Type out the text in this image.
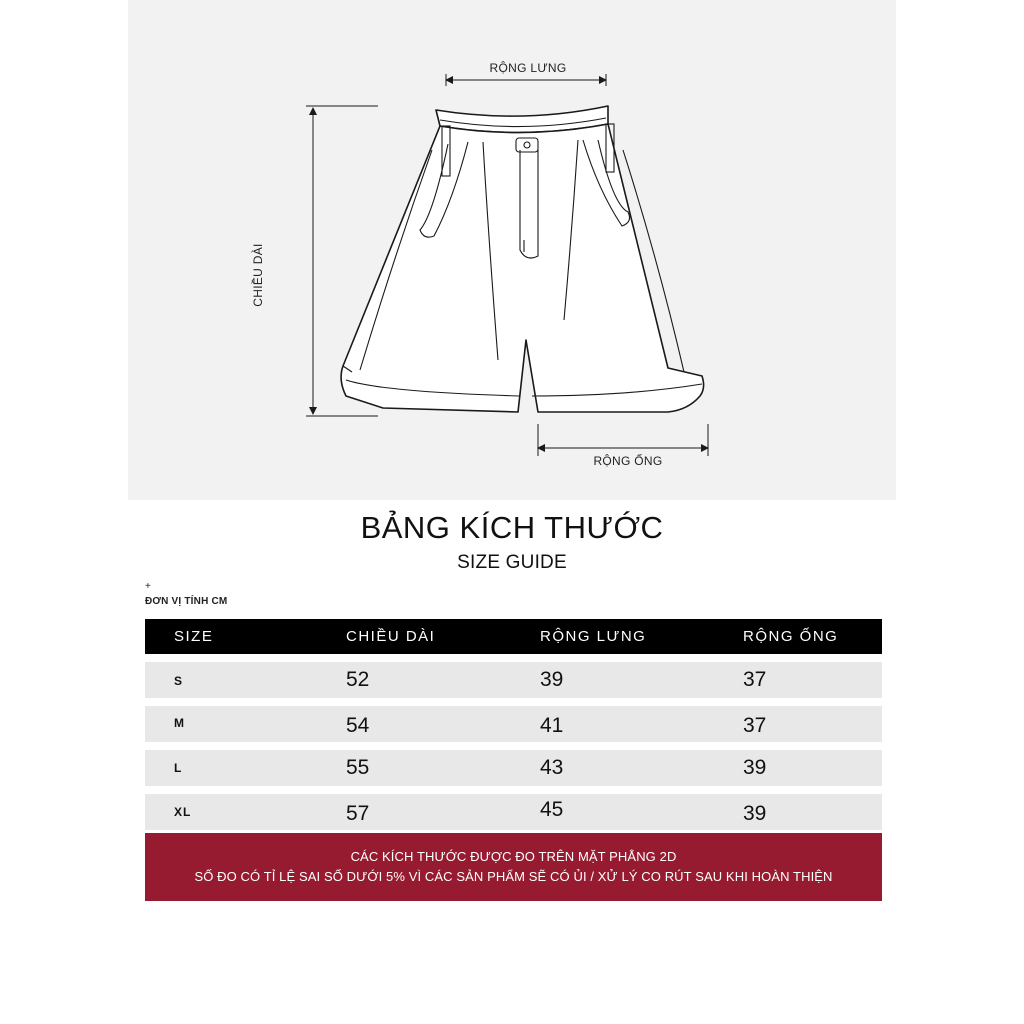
RỘNG LƯNG
CHIỀU DÀI
RỘNG ỐNG
BẢNG KÍCH THƯỚC
SIZE GUIDE
+
ĐƠN VỊ TÍNH CM
SIZE	CHIỀU DÀI	RỘNG LƯNG	RỘNG ỐNG
S	52	39	37
M	54	41	37
L	55	43	39
XL	57	45	39
CÁC KÍCH THƯỚC ĐƯỢC ĐO TRÊN MẶT PHẲNG 2D
SỐ ĐO CÓ TỈ LỆ SAI SỐ DƯỚI 5% VÌ CÁC SẢN PHẨM SẼ CÓ ỦI / XỬ LÝ CO RÚT SAU KHI HOÀN THIỆN
